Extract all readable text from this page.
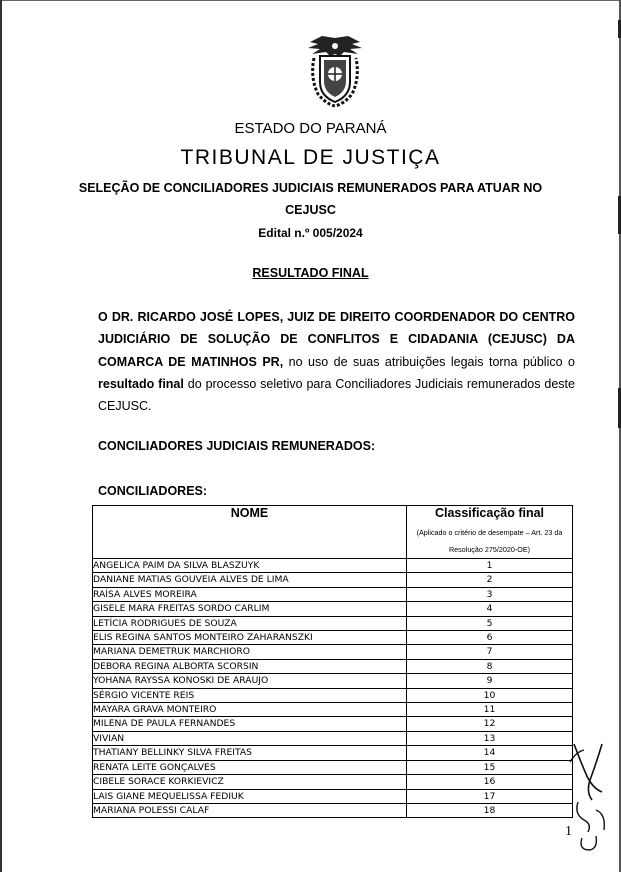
ESTADO DO PARANÁ
TRIBUNAL DE JUSTIÇA
SELEÇÃO DE CONCILIADORES JUDICIAIS REMUNERADOS PARA ATUAR NO
CEJUSC
Edital n.º 005/2024
RESULTADO FINAL
O DR. RICARDO JOSÉ LOPES, JUIZ DE DIREITO COORDENADOR DO CENTRO JUDICIÁRIO DE SOLUÇÃO DE CONFLITOS E CIDADANIA (CEJUSC) DA COMARCA DE MATINHOS PR, no uso de suas atribuições legais torna público o resultado final do processo seletivo para Conciliadores Judiciais remunerados deste CEJUSC.
CONCILIADORES JUDICIAIS REMUNERADOS:
CONCILIADORES:
NOME	Classificação final
(Aplicado o critério de desempate – Art. 23 da Resolução 275/2020-OE)

ANGELICA PAIM DA SILVA BLASZUYK	1
DANIANE MATIAS GOUVEIA ALVES DE LIMA	2
RAÍSA ALVES MOREIRA	3
GISELE MARA FREITAS SORDO CARLIM	4
LETÍCIA RODRIGUES DE SOUZA	5
ELIS REGINA SANTOS MONTEIRO ZAHARANSZKI	6
MARIANA DEMETRUK MARCHIORO	7
DEBORA REGINA ALBORTA SCORSIN	8
YOHANA RAYSSA KONOSKI DE ARAUJO	9
SÉRGIO VICENTE REIS	10
MAYARA GRAVA MONTEIRO	11
MILENA DE PAULA FERNANDES	12
VIVIAN	13
THATIANY BELLINKY SILVA FREITAS	14
RENATA LEITE GONÇALVES	15
CIBELE SORACE KORKIEVICZ	16
LAIS GIANE MEQUELISSA FEDIUK	17
MARIANA POLESSI CALAF	18
1
